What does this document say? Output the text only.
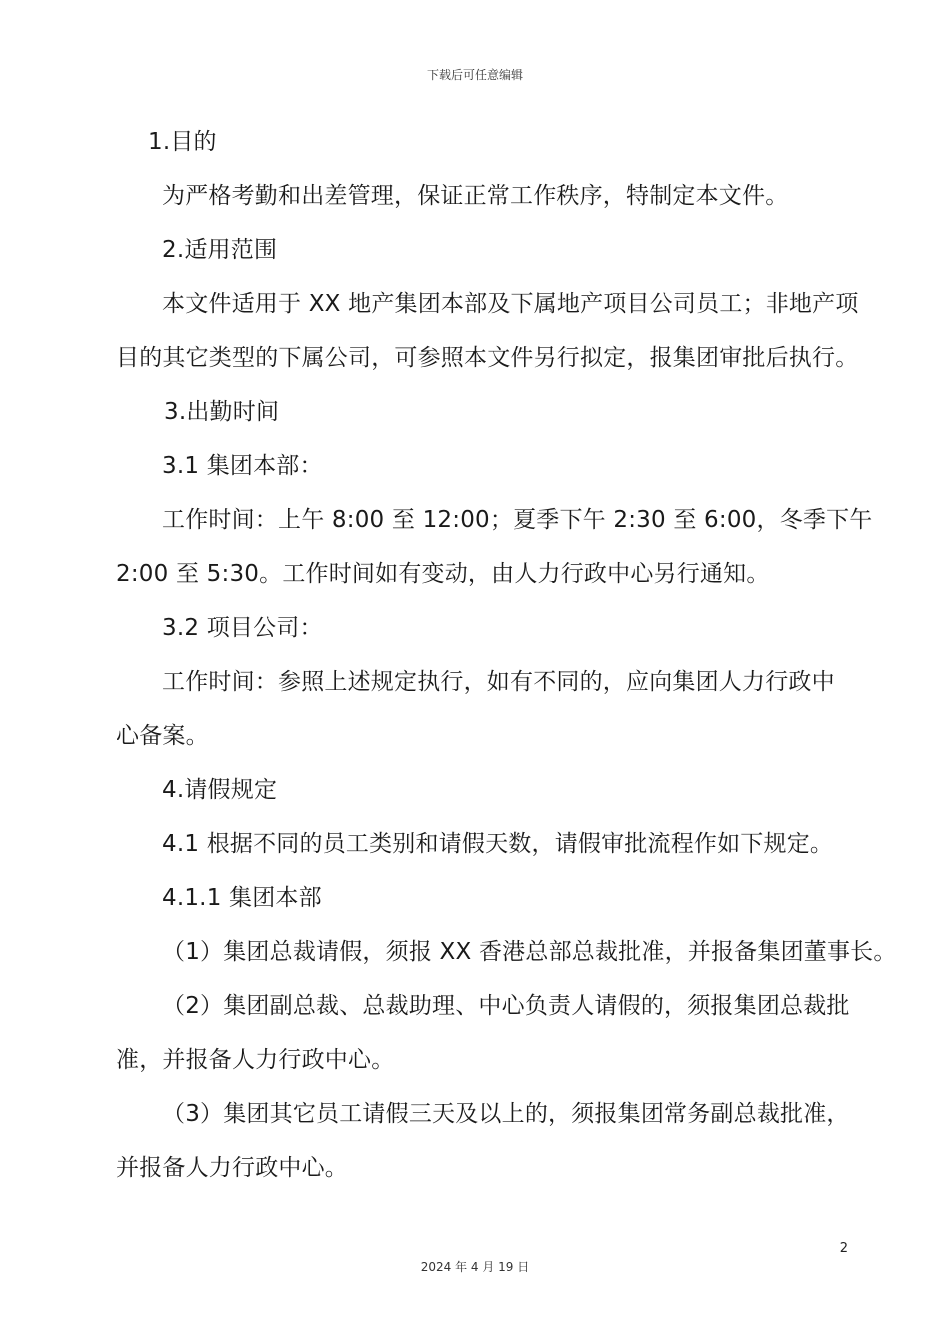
下载后可任意编辑
1.目的
为严格考勤和出差管理，保证正常工作秩序，特制定本文件。
2.适用范围
本文件适用于 XX 地产集团本部及下属地产项目公司员工；非地产项
目的其它类型的下属公司，可参照本文件另行拟定，报集团审批后执行。
3.出勤时间
3.1 集团本部：
工作时间：上午 8:00 至 12:00；夏季下午 2:30 至 6:00，冬季下午
2:00 至 5:30。工作时间如有变动，由人力行政中心另行通知。
3.2 项目公司：
工作时间：参照上述规定执行，如有不同的，应向集团人力行政中
心备案。
4.请假规定
4.1 根据不同的员工类别和请假天数，请假审批流程作如下规定。
4.1.1 集团本部
（1）集团总裁请假，须报 XX 香港总部总裁批准，并报备集团董事长。
（2）集团副总裁、总裁助理、中心负责人请假的，须报集团总裁批
准，并报备人力行政中心。
（3）集团其它员工请假三天及以上的，须报集团常务副总裁批准，
并报备人力行政中心。
2
2024 年 4 月 19 日
